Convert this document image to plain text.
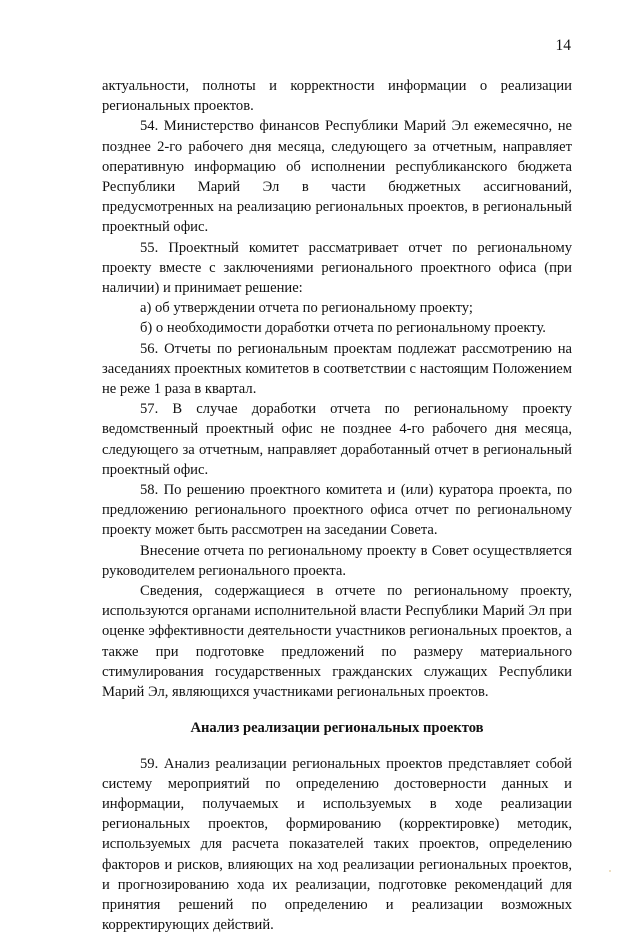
14

актуальности, полноты и корректности информации о реализации региональных проектов.

54. Министерство финансов Республики Марий Эл ежемесячно, не позднее 2-го рабочего дня месяца, следующего за отчетным, направляет оперативную информацию об исполнении республиканского бюджета Республики Марий Эл в части бюджетных ассигнований, предусмотренных на реализацию региональных проектов, в региональный проектный офис.

55. Проектный комитет рассматривает отчет по региональному проекту вместе с заключениями регионального проектного офиса (при наличии) и принимает решение:

а) об утверждении отчета по региональному проекту;

б) о необходимости доработки отчета по региональному проекту.

56. Отчеты по региональным проектам подлежат рассмотрению на заседаниях проектных комитетов в соответствии с настоящим Положением не реже 1 раза в квартал.

57. В случае доработки отчета по региональному проекту ведомственный проектный офис не позднее 4-го рабочего дня месяца, следующего за отчетным, направляет доработанный отчет в региональный проектный офис.

58. По решению проектного комитета и (или) куратора проекта, по предложению регионального проектного офиса отчет по региональному проекту может быть рассмотрен на заседании Совета.

Внесение отчета по региональному проекту в Совет осуществляется руководителем регионального проекта.

Сведения, содержащиеся в отчете по региональному проекту, используются органами исполнительной власти Республики Марий Эл при оценке эффективности деятельности участников региональных проектов, а также при подготовке предложений по размеру материального стимулирования государственных гражданских служащих Республики Марий Эл, являющихся участниками региональных проектов.

Анализ реализации региональных проектов

59. Анализ реализации региональных проектов представляет собой систему мероприятий по определению достоверности данных и информации, получаемых и используемых в ходе реализации региональных проектов, формированию (корректировке) методик, используемых для расчета показателей таких проектов, определению факторов и рисков, влияющих на ход реализации региональных проектов, и прогнозированию хода их реализации, подготовке рекомендаций для принятия решений по определению и реализации возможных корректирующих действий.
